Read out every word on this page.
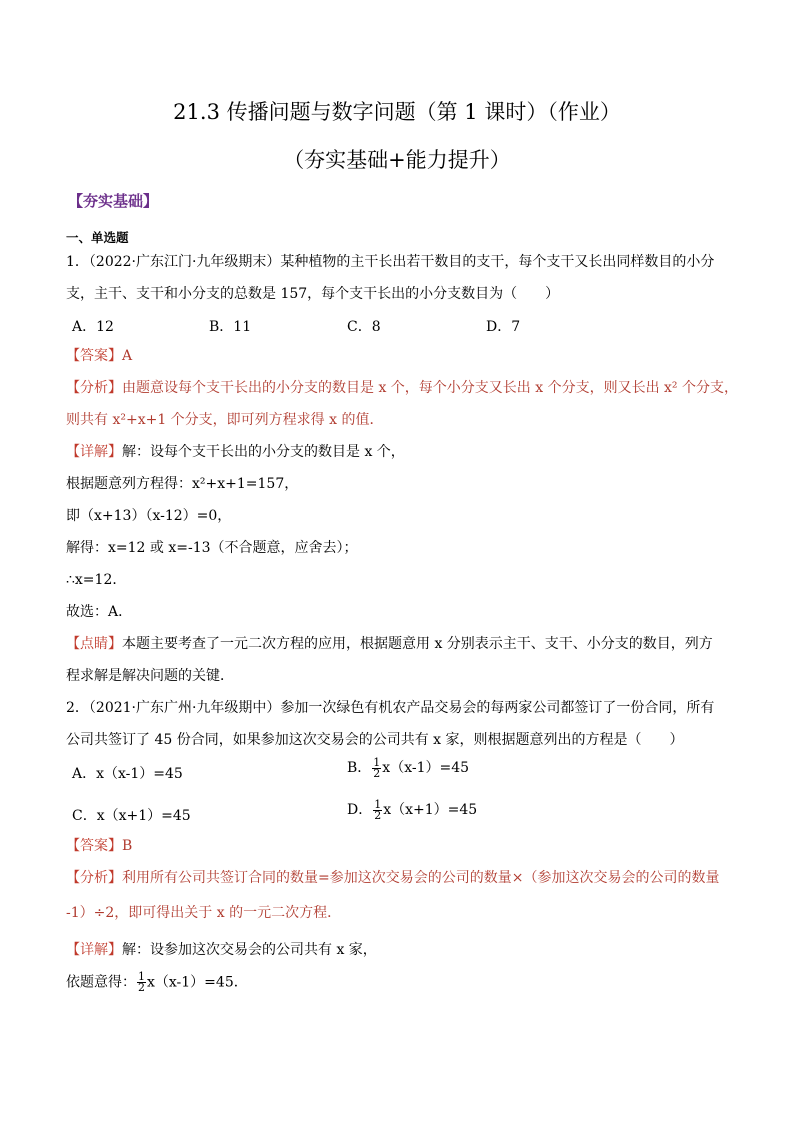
21.3 传播问题与数字问题（第 1 课时）（作业）
（夯实基础+能力提升）
【夯实基础】
一、单选题
1．（2022·广东江门·九年级期末）某种植物的主干长出若干数目的支干，每个支干又长出同样数目的小分
支，主干、支干和小分支的总数是 157，每个支干长出的小分支数目为（　　）
A．12	B．11	C．8	D．7
【答案】A
【分析】由题意设每个支干长出的小分支的数目是 x 个，每个小分支又长出 x 个分支，则又长出 x² 个分支，
则共有 x²+x+1 个分支，即可列方程求得 x 的值．
【详解】解：设每个支干长出的小分支的数目是 x 个，
根据题意列方程得：x²+x+1=157，
即（x+13）（x-12）=0，
解得：x=12 或 x=-13（不合题意，应舍去）；
∴x=12．
故选：A．
【点睛】本题主要考查了一元二次方程的应用，根据题意用 x 分别表示主干、支干、小分支的数目，列方
程求解是解决问题的关键．
2．（2021·广东广州·九年级期中）参加一次绿色有机农产品交易会的每两家公司都签订了一份合同，所有
公司共签订了 45 份合同，如果参加这次交易会的公司共有 x 家，则根据题意列出的方程是（　　）
A．x（x-1）=45	B． $\frac{1}{2} x(x-1)=45$
C．x（x+1）=45	D． $\frac{1}{2} x(x+1)=45$
【答案】B
【分析】利用所有公司共签订合同的数量=参加这次交易会的公司的数量×（参加这次交易会的公司的数量
-1）÷2，即可得出关于 x 的一元二次方程．
【详解】解：设参加这次交易会的公司共有 x 家，
依题意得： $\frac{1}{2} x(x-1)=45$．
